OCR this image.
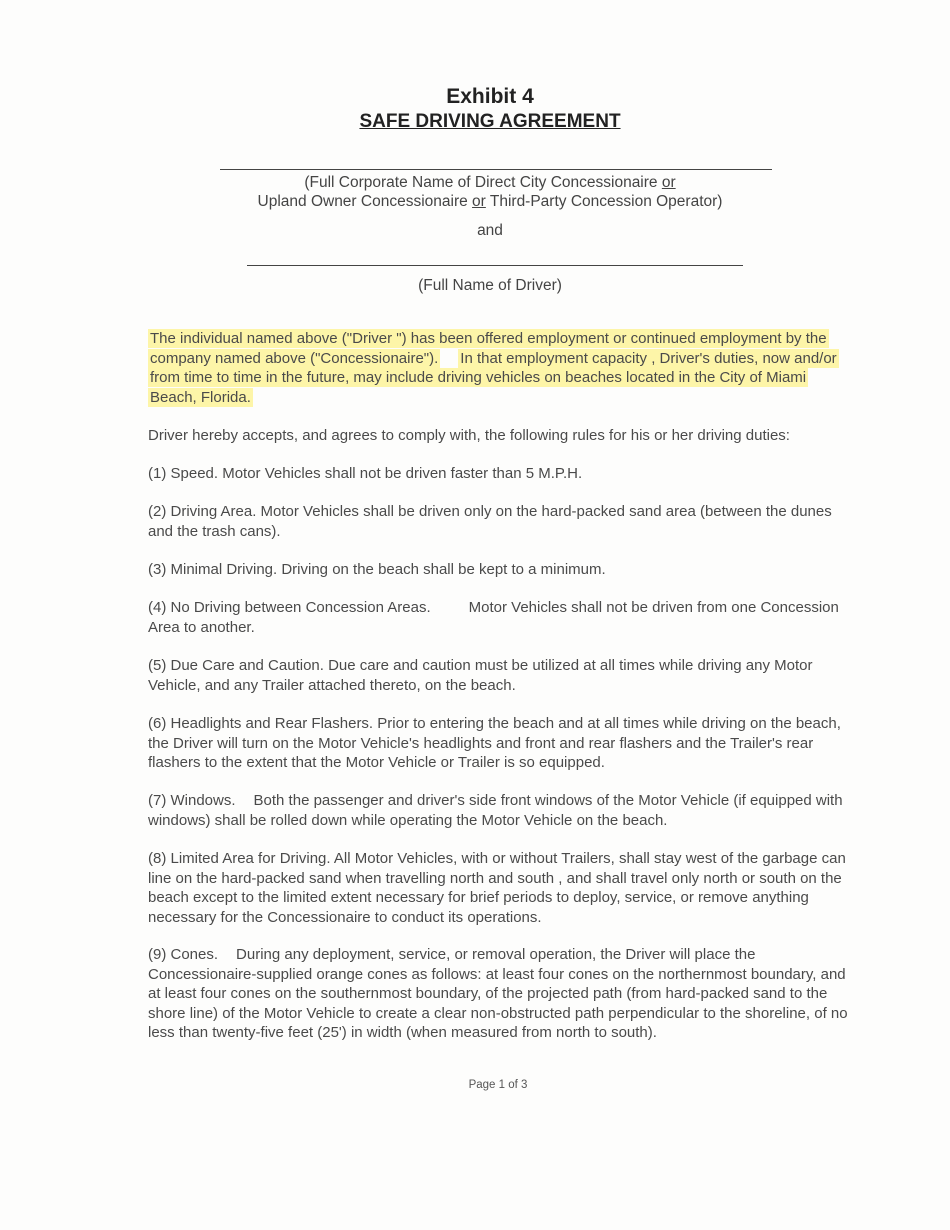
Exhibit 4
SAFE DRIVING AGREEMENT
(Full Corporate Name of Direct City Concessionaire or
Upland Owner Concessionaire or Third-Party Concession Operator)
and
(Full Name of Driver)
The individual named above ("Driver ") has been offered employment or continued employment by the company named above ("Concessionaire"). In that employment capacity , Driver's duties, now and/or from time to time in the future, may include driving vehicles on beaches located in the City of Miami Beach, Florida.
Driver hereby accepts, and agrees to comply with, the following rules for his or her driving duties:
(1) Speed. Motor Vehicles shall not be driven faster than 5 M.P.H.
(2) Driving Area. Motor Vehicles shall be driven only on the hard-packed sand area (between the dunes and the trash cans).
(3) Minimal Driving. Driving on the beach shall be kept to a minimum.
(4) No Driving between Concession Areas.	Motor Vehicles shall not be driven from one Concession Area to another.
(5) Due Care and Caution. Due care and caution must be utilized at all times while driving any Motor Vehicle, and any Trailer attached thereto, on the beach.
(6) Headlights and Rear Flashers. Prior to entering the beach and at all times while driving on the beach, the Driver will turn on the Motor Vehicle's headlights and front and rear flashers and the Trailer's rear flashers to the extent that the Motor Vehicle or Trailer is so equipped.
(7) Windows. Both the passenger and driver's side front windows of the Motor Vehicle (if equipped with windows) shall be rolled down while operating the Motor Vehicle on the beach.
(8) Limited Area for Driving. All Motor Vehicles, with or without Trailers, shall stay west of the garbage can line on the hard-packed sand when travelling north and south , and shall travel only north or south on the beach except to the limited extent necessary for brief periods to deploy, service, or remove anything necessary for the Concessionaire to conduct its operations.
(9) Cones. During any deployment, service, or removal operation, the Driver will place the Concessionaire-supplied orange cones as follows: at least four cones on the northernmost boundary, and at least four cones on the southernmost boundary, of the projected path (from hard-packed sand to the shore line) of the Motor Vehicle to create a clear non-obstructed path perpendicular to the shoreline, of no less than twenty-five feet (25') in width (when measured from north to south).
Page 1 of 3
